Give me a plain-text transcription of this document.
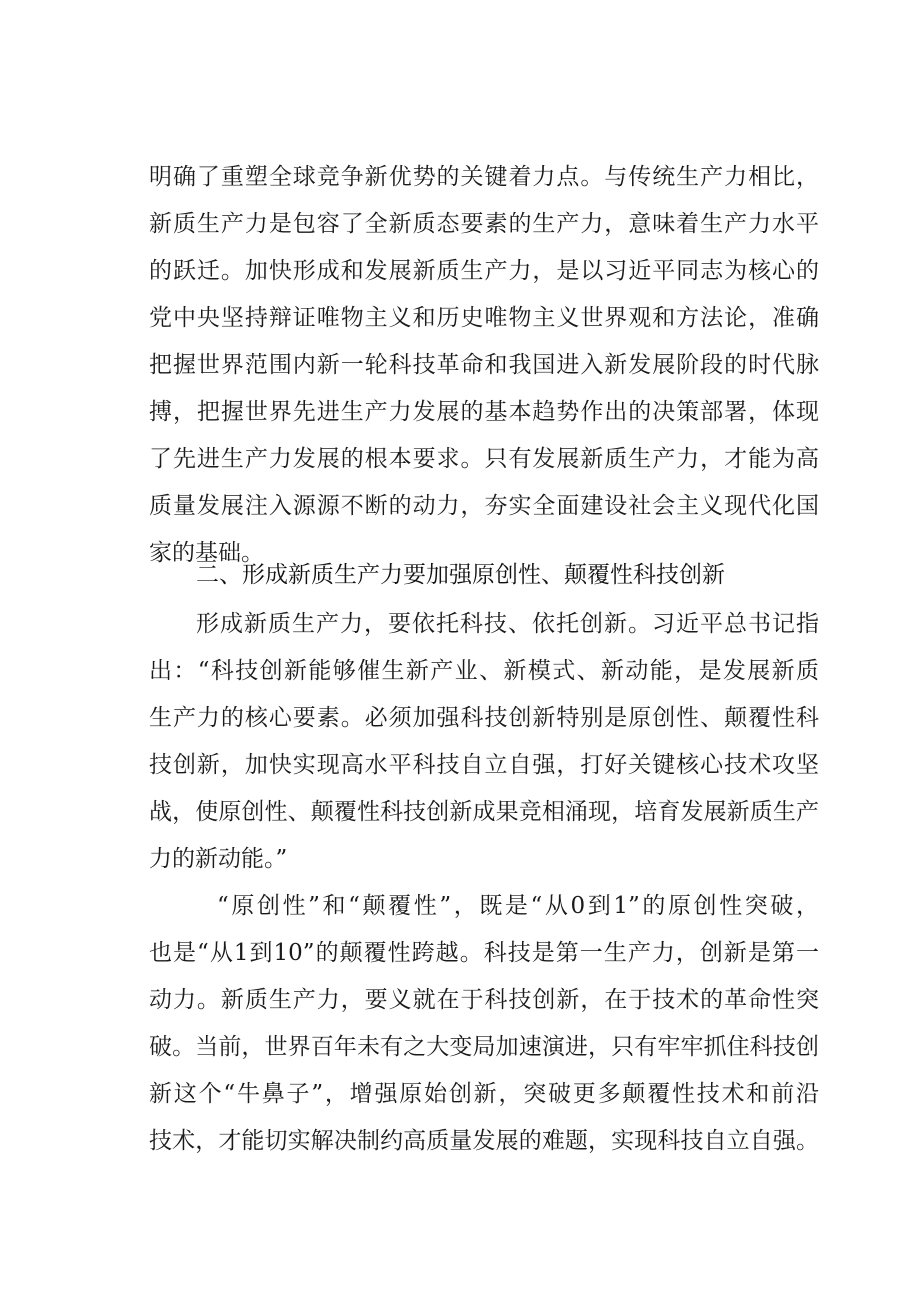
明确了重塑全球竞争新优势的关键着力点。与传统生产力相比，
新质生产力是包容了全新质态要素的生产力，意味着生产力水平
的跃迁。加快形成和发展新质生产力，是以习近平同志为核心的
党中央坚持辩证唯物主义和历史唯物主义世界观和方法论，准确
把握世界范围内新一轮科技革命和我国进入新发展阶段的时代脉
搏，把握世界先进生产力发展的基本趋势作出的决策部署，体现
了先进生产力发展的根本要求。只有发展新质生产力，才能为高
质量发展注入源源不断的动力，夯实全面建设社会主义现代化国
家的基础。
二、形成新质生产力要加强原创性、颠覆性科技创新
形成新质生产力，要依托科技、依托创新。习近平总书记指
出：“科技创新能够催生新产业、新模式、新动能，是发展新质
生产力的核心要素。必须加强科技创新特别是原创性、颠覆性科
技创新，加快实现高水平科技自立自强，打好关键核心技术攻坚
战，使原创性、颠覆性科技创新成果竞相涌现，培育发展新质生产
力的新动能。”
“原创性”和“颠覆性”，既是“从0到1”的原创性突破，
也是“从1到10”的颠覆性跨越。科技是第一生产力，创新是第一
动力。新质生产力，要义就在于科技创新，在于技术的革命性突
破。当前，世界百年未有之大变局加速演进，只有牢牢抓住科技创
新这个“牛鼻子”，增强原始创新，突破更多颠覆性技术和前沿
技术，才能切实解决制约高质量发展的难题，实现科技自立自强。
